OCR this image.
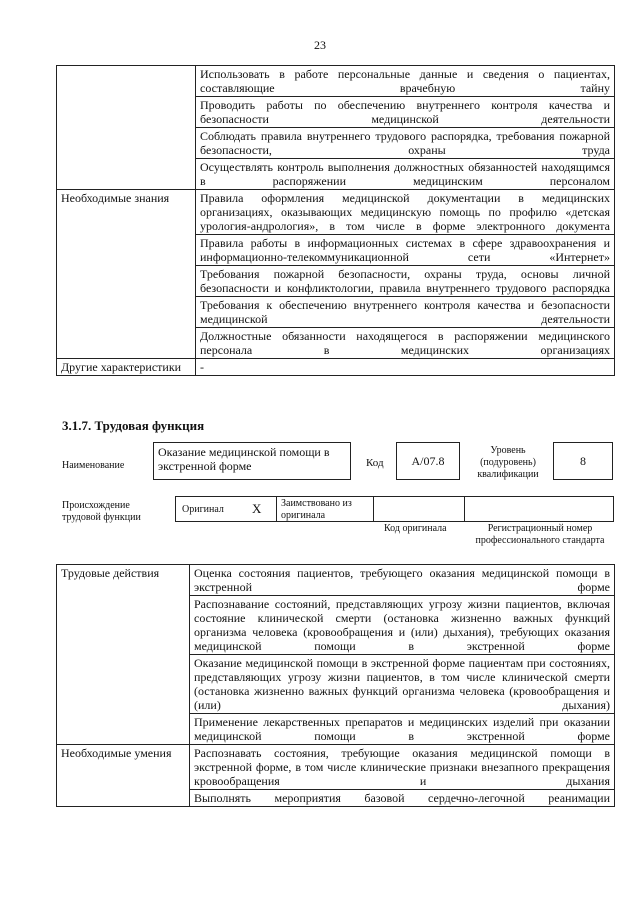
23
	Использовать в работе персональные данные и сведения о пациентах, составляющие врачебную тайну
	Проводить работы по обеспечению внутреннего контроля качества и безопасности медицинской деятельности
	Соблюдать правила внутреннего трудового распорядка, требования пожарной безопасности, охраны труда
	Осуществлять контроль выполнения должностных обязанностей находящимся в распоряжении медицинским персоналом
Необходимые знания	Правила оформления медицинской документации в медицинских организациях, оказывающих медицинскую помощь по профилю «детская урология-андрология», в том числе в форме электронного документа
	Правила работы в информационных системах в сфере здравоохранения и информационно-телекоммуникационной сети «Интернет»
	Требования пожарной безопасности, охраны труда, основы личной безопасности и конфликтологии, правила внутреннего трудового распорядка
	Требования к обеспечению внутреннего контроля качества и безопасности медицинской деятельности
	Должностные обязанности находящегося в распоряжении медицинского персонала в медицинских организациях
Другие характеристики	-
3.1.7. Трудовая функция
Наименование
Оказание медицинской помощи в экстренной форме	Код	А/07.8
Уровень (подуровень) квалификации
8
Происхождение трудовой функции
Оригинал X Заимствовано из оригинала
Код оригинала	Регистрационный номер профессионального стандарта
Трудовые действия	Оценка состояния пациентов, требующего оказания медицинской помощи в экстренной форме
	Распознавание состояний, представляющих угрозу жизни пациентов, включая состояние клинической смерти (остановка жизненно важных функций организма человека (кровообращения и (или) дыхания), требующих оказания медицинской помощи в экстренной форме
	Оказание медицинской помощи в экстренной форме пациентам при состояниях, представляющих угрозу жизни пациентов, в том числе клинической смерти (остановка жизненно важных функций организма человека (кровообращения и (или) дыхания)
	Применение лекарственных препаратов и медицинских изделий при оказании медицинской помощи в экстренной форме
Необходимые умения	Распознавать состояния, требующие оказания медицинской помощи в экстренной форме, в том числе клинические признаки внезапного прекращения кровообращения и дыхания
	Выполнять мероприятия базовой сердечно-легочной реанимации
